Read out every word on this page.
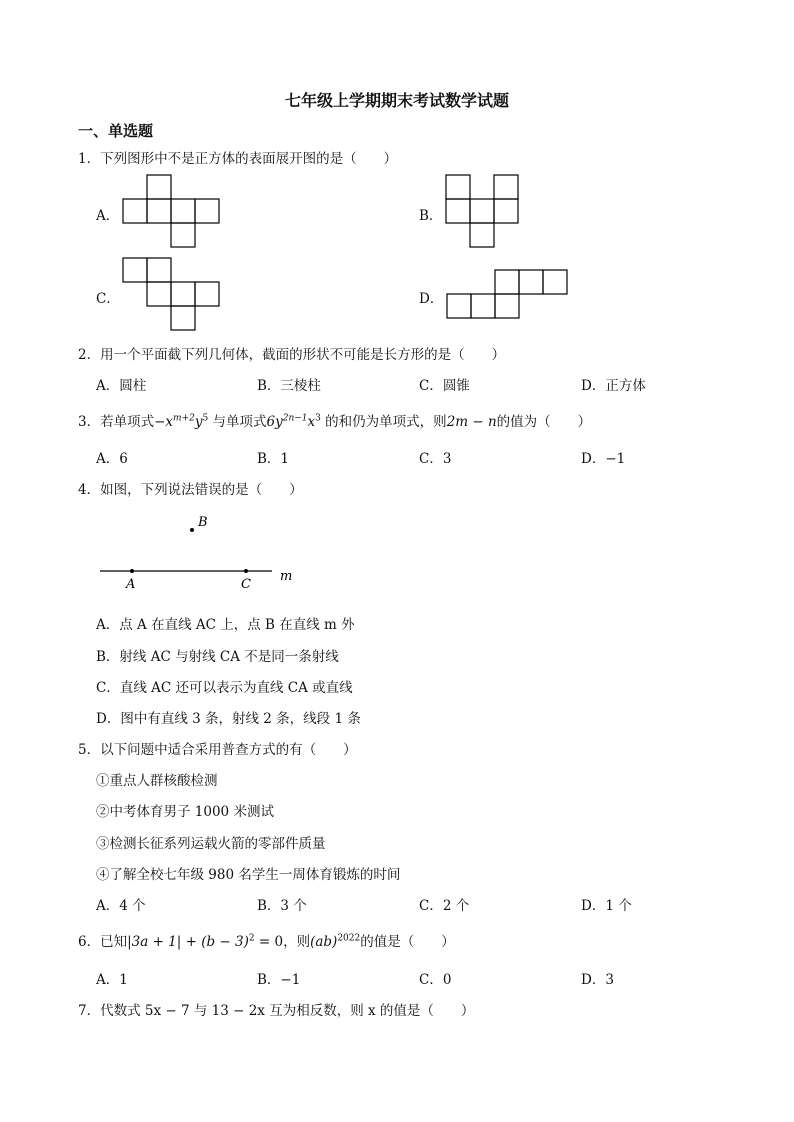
七年级上学期期末考试数学试题
一、单选题
1．下列图形中不是正方体的表面展开图的是（　　）
A．	B．
C．	D．
2．用一个平面截下列几何体，截面的形状不可能是长方形的是（　　）
A．圆柱	B．三棱柱	C．圆锥	D．正方体
3．若单项式$-x^{m+2}y^5$ 与单项式$6y^{2n-1}x^3$ 的和仍为单项式，则2m − n的值为（　　）
A．6	B．1	C．3	D．−1
4．如图，下列说法错误的是（　　）
B
A	C
m
A．点 A 在直线 AC 上，点 B 在直线 m 外
B．射线 AC 与射线 CA 不是同一条射线
C．直线 AC 还可以表示为直线 CA 或直线
D．图中有直线 3 条，射线 2 条，线段 1 条
5．以下问题中适合采用普查方式的有（　　）
①重点人群核酸检测
②中考体育男子 1000 米测试
③检测长征系列运载火箭的零部件质量
④了解全校七年级 980 名学生一周体育锻炼的时间
A．4 个	B．3 个	C．2 个	D．1 个
6．已知$|3a + 1| + (b - 3)^2 = 0$，则(ab)$^{2022}$的值是（　　）
A．1	B．−1	C．0	D．3
7．代数式 5x − 7 与 13 − 2x 互为相反数，则 x 的值是（　　）
